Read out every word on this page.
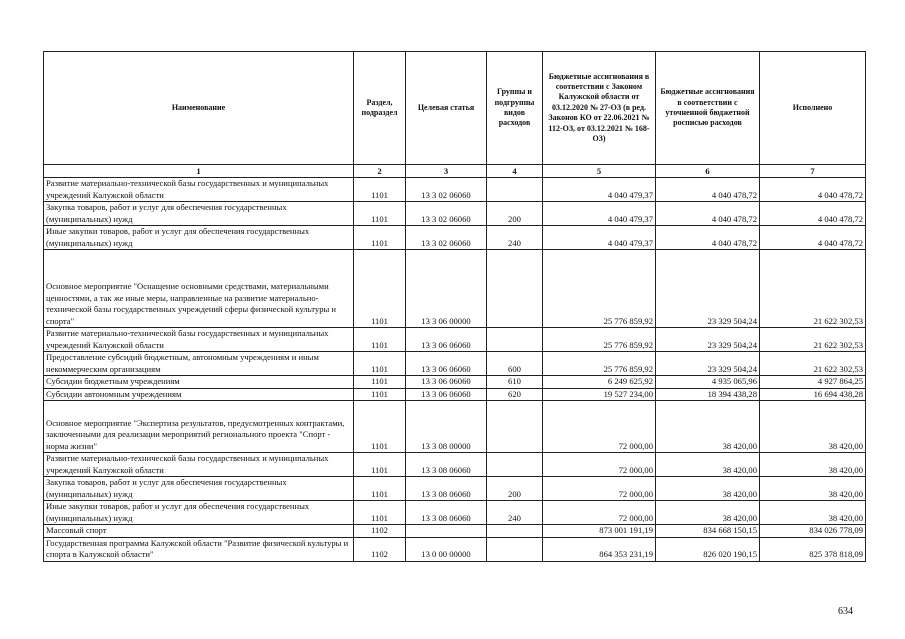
Наименование	Раздел, подраздел	Целевая статья	Группы и подгруппы видов расходов	Бюджетные ассигнования в соответствии с Законом Калужской области от 03.12.2020 № 27-ОЗ (в ред. Законов КО от 22.06.2021 № 112-ОЗ, от 03.12.2021 № 168-ОЗ)	Бюджетные ассигнования в соответствии с уточненной бюджетной росписью расходов	Исполнено
1	2	3	4	5	6	7
Развитие материально-технической базы государственных и муниципальных учреждений Калужской области	1101	13 3 02 06060		4 040 479,37	4 040 478,72	4 040 478,72
Закупка товаров, работ и услуг для обеспечения государственных (муниципальных) нужд	1101	13 3 02 06060	200	4 040 479,37	4 040 478,72	4 040 478,72
Иные закупки товаров, работ и услуг для обеспечения государственных (муниципальных) нужд	1101	13 3 02 06060	240	4 040 479,37	4 040 478,72	4 040 478,72
Основное мероприятие "Оснащение основными средствами, материальными ценностями, а так же иные меры, направленные на развитие материально-технической базы государственных учреждений сферы физической культуры и спорта"	1101	13 3 06 00000		25 776 859,92	23 329 504,24	21 622 302,53
Развитие материально-технической базы государственных и муниципальных учреждений Калужской области	1101	13 3 06 06060		25 776 859,92	23 329 504,24	21 622 302,53
Предоставление субсидий бюджетным, автономным учреждениям и иным некоммерческим организациям	1101	13 3 06 06060	600	25 776 859,92	23 329 504,24	21 622 302,53
Субсидии бюджетным учреждениям	1101	13 3 06 06060	610	6 249 625,92	4 935 065,96	4 927 864,25
Субсидии автономным учреждениям	1101	13 3 06 06060	620	19 527 234,00	18 394 438,28	16 694 438,28
Основное мероприятие "Экспертиза результатов, предусмотренных контрактами, заключенными для реализации мероприятий регионального проекта "Спорт - норма жизни"	1101	13 3 08 00000		72 000,00	38 420,00	38 420,00
Развитие материально-технической базы государственных и муниципальных учреждений Калужской области	1101	13 3 08 06060		72 000,00	38 420,00	38 420,00
Закупка товаров, работ и услуг для обеспечения государственных (муниципальных) нужд	1101	13 3 08 06060	200	72 000,00	38 420,00	38 420,00
Иные закупки товаров, работ и услуг для обеспечения государственных (муниципальных) нужд	1101	13 3 08 06060	240	72 000,00	38 420,00	38 420,00
Массовый спорт	1102			873 001 191,19	834 668 150,15	834 026 778,09
Государственная программа Калужской области "Развитие физической культуры и спорта в Калужской области"	1102	13 0 00 00000		864 353 231,19	826 020 190,15	825 378 818,09
634
